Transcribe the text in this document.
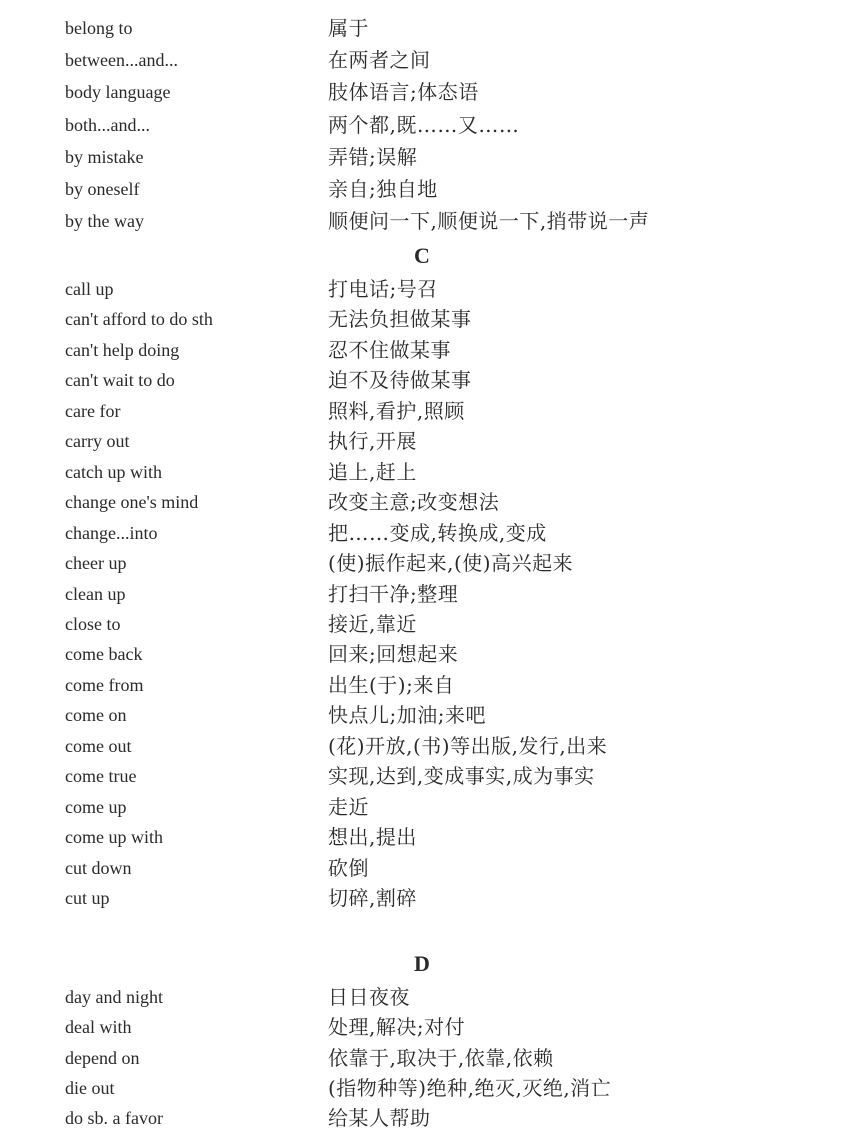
belong to	属于
between...and...	在两者之间
body language	肢体语言;体态语
both...and...	两个都,既……又……
by mistake	弄错;误解
by oneself	亲自;独自地
by the way	顺便问一下,顺便说一下,捎带说一声
C
call up	打电话;号召
can't afford to do sth	无法负担做某事
can't help doing	忍不住做某事
can't wait to do	迫不及待做某事
care for	照料,看护,照顾
carry out	执行,开展
catch up with	追上,赶上
change one's mind	改变主意;改变想法
change...into	把……变成,转换成,变成
cheer up	(使)振作起来,(使)高兴起来
clean up	打扫干净;整理
close to	接近,靠近
come back	回来;回想起来
come from	出生(于);来自
come on	快点儿;加油;来吧
come out	(花)开放,(书)等出版,发行,出来
come true	实现,达到,变成事实,成为事实
come up	走近
come up with	想出,提出
cut down	砍倒
cut up	切碎,割碎
D
day and night	日日夜夜
deal with	处理,解决;对付
depend on	依靠于,取决于,依靠,依赖
die out	(指物种等)绝种,绝灭,灭绝,消亡
do sb. a favor	给某人帮助
